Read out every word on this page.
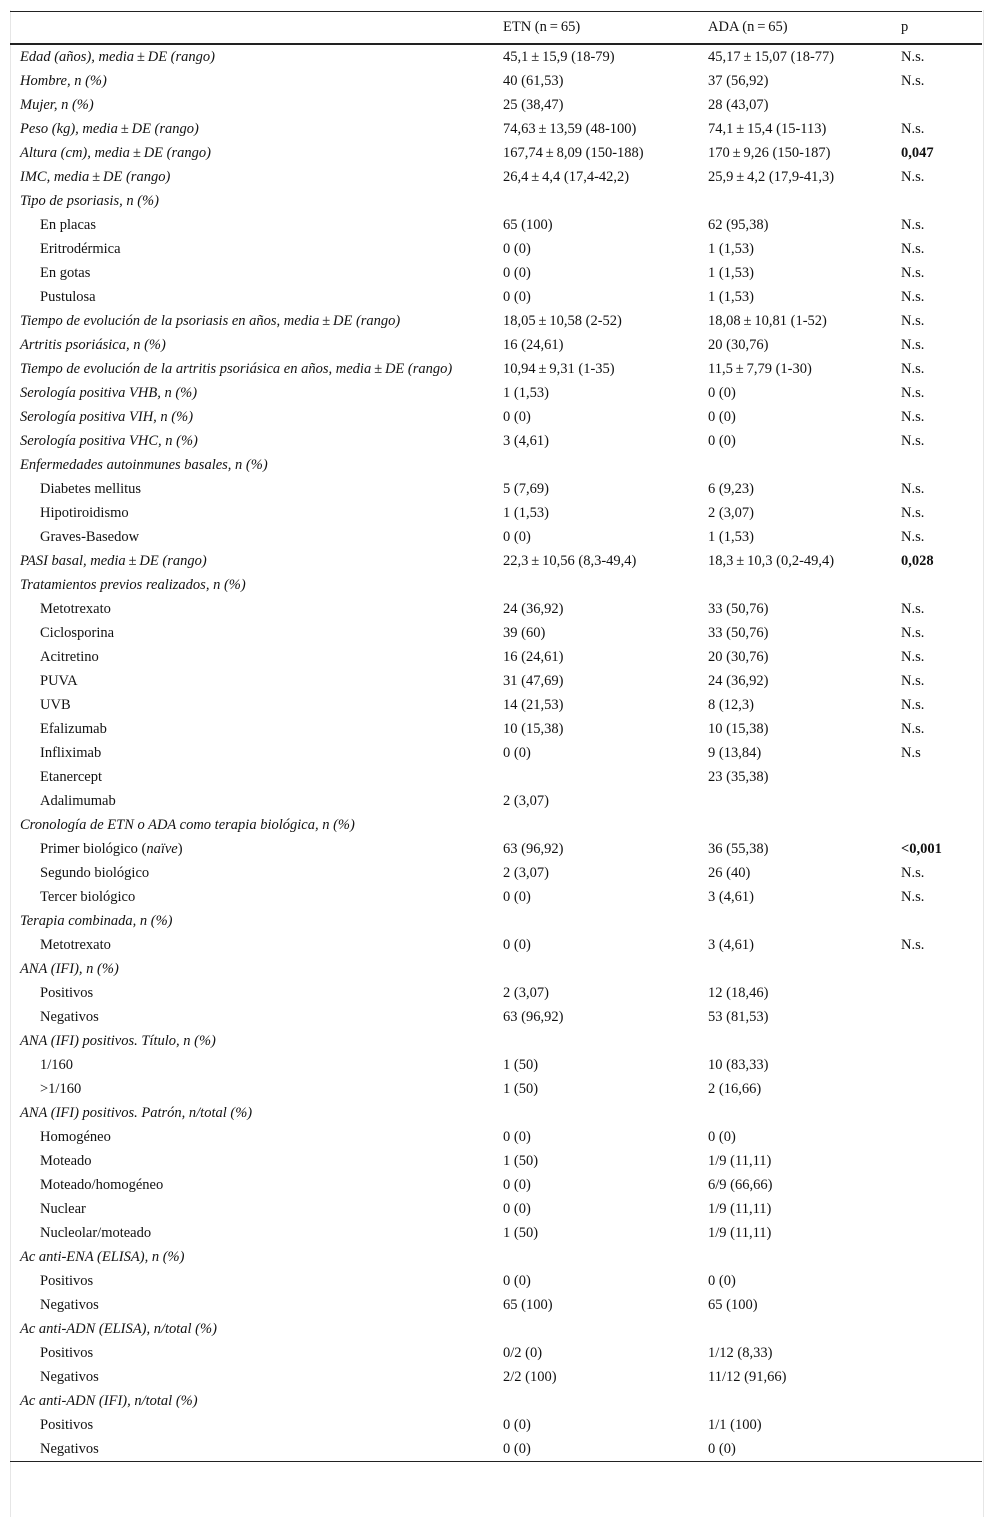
	ETN (n = 65)	ADA (n = 65)	p
Edad (años), media ± DE (rango)	45,1 ± 15,9 (18-79)	45,17 ± 15,07 (18-77)	N.s.
Hombre, n (%)	40 (61,53)	37 (56,92)	N.s.
Mujer, n (%)	25 (38,47)	28 (43,07)	
Peso (kg), media ± DE (rango)	74,63 ± 13,59 (48-100)	74,1 ± 15,4 (15-113)	N.s.
Altura (cm), media ± DE (rango)	167,74 ± 8,09 (150-188)	170 ± 9,26 (150-187)	0,047
IMC, media ± DE (rango)	26,4 ± 4,4 (17,4-42,2)	25,9 ± 4,2 (17,9-41,3)	N.s.
Tipo de psoriasis, n (%)			
En placas	65 (100)	62 (95,38)	N.s.
Eritrodérmica	0 (0)	1 (1,53)	N.s.
En gotas	0 (0)	1 (1,53)	N.s.
Pustulosa	0 (0)	1 (1,53)	N.s.
Tiempo de evolución de la psoriasis en años, media ± DE (rango)	18,05 ± 10,58 (2-52)	18,08 ± 10,81 (1-52)	N.s.
Artritis psoriásica, n (%)	16 (24,61)	20 (30,76)	N.s.
Tiempo de evolución de la artritis psoriásica en años, media ± DE (rango)	10,94 ± 9,31 (1-35)	11,5 ± 7,79 (1-30)	N.s.
Serología positiva VHB, n (%)	1 (1,53)	0 (0)	N.s.
Serología positiva VIH, n (%)	0 (0)	0 (0)	N.s.
Serología positiva VHC, n (%)	3 (4,61)	0 (0)	N.s.
Enfermedades autoinmunes basales, n (%)			
Diabetes mellitus	5 (7,69)	6 (9,23)	N.s.
Hipotiroidismo	1 (1,53)	2 (3,07)	N.s.
Graves-Basedow	0 (0)	1 (1,53)	N.s.
PASI basal, media ± DE (rango)	22,3 ± 10,56 (8,3-49,4)	18,3 ± 10,3 (0,2-49,4)	0,028
Tratamientos previos realizados, n (%)			
Metotrexato	24 (36,92)	33 (50,76)	N.s.
Ciclosporina	39 (60)	33 (50,76)	N.s.
Acitretino	16 (24,61)	20 (30,76)	N.s.
PUVA	31 (47,69)	24 (36,92)	N.s.
UVB	14 (21,53)	8 (12,3)	N.s.
Efalizumab	10 (15,38)	10 (15,38)	N.s.
Infliximab	0 (0)	9 (13,84)	N.s
Etanercept		23 (35,38)	
Adalimumab	2 (3,07)		
Cronología de ETN o ADA como terapia biológica, n (%)			
Primer biológico (naïve)	63 (96,92)	36 (55,38)	<0,001
Segundo biológico	2 (3,07)	26 (40)	N.s.
Tercer biológico	0 (0)	3 (4,61)	N.s.
Terapia combinada, n (%)			
Metotrexato	0 (0)	3 (4,61)	N.s.
ANA (IFI), n (%)			
Positivos	2 (3,07)	12 (18,46)	
Negativos	63 (96,92)	53 (81,53)	
ANA (IFI) positivos. Título, n (%)			
1/160	1 (50)	10 (83,33)	
>1/160	1 (50)	2 (16,66)	
ANA (IFI) positivos. Patrón, n/total (%)			
Homogéneo	0 (0)	0 (0)	
Moteado	1 (50)	1/9 (11,11)	
Moteado/homogéneo	0 (0)	6/9 (66,66)	
Nuclear	0 (0)	1/9 (11,11)	
Nucleolar/moteado	1 (50)	1/9 (11,11)	
Ac anti-ENA (ELISA), n (%)			
Positivos	0 (0)	0 (0)	
Negativos	65 (100)	65 (100)	
Ac anti-ADN (ELISA), n/total (%)			
Positivos	0/2 (0)	1/12 (8,33)	
Negativos	2/2 (100)	11/12 (91,66)	
Ac anti-ADN (IFI), n/total (%)			
Positivos	0 (0)	1/1 (100)	
Negativos	0 (0)	0 (0)	
